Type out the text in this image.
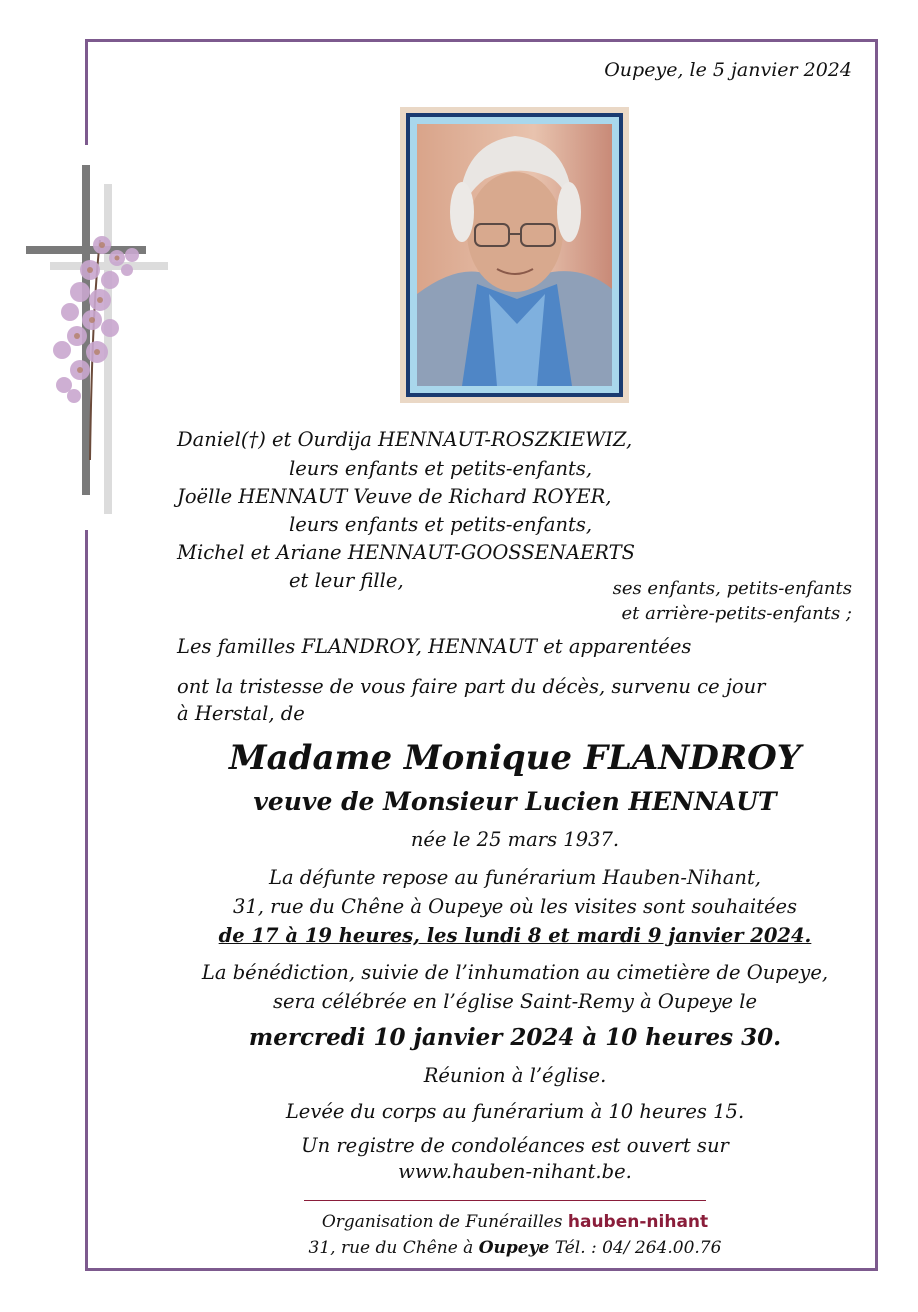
Oupeye, le 5 janvier 2024
Daniel(†) et Ourdija HENNAUT-ROSZKIEWIZ,
leurs enfants et petits-enfants,
Joëlle HENNAUT Veuve de Richard ROYER,
leurs enfants et petits-enfants,
Michel et Ariane HENNAUT-GOOSSENAERTS
et leur fille,	ses enfants, petits-enfants
et arrière-petits-enfants ;
Les familles FLANDROY, HENNAUT et apparentées
ont la tristesse de vous faire part du décès, survenu ce jour
à Herstal, de
Madame Monique FLANDROY
veuve de Monsieur Lucien HENNAUT
née le 25 mars 1937.
La défunte repose au funérarium Hauben-Nihant,
31, rue du Chêne à Oupeye où les visites sont souhaitées
de 17 à 19 heures, les lundi 8 et mardi 9 janvier 2024.
La bénédiction, suivie de l’inhumation au cimetière de Oupeye,
sera célébrée en l’église Saint-Remy à Oupeye le
mercredi 10 janvier 2024 à 10 heures 30.
Réunion à l’église.
Levée du corps au funérarium à 10 heures 15.
Un registre de condoléances est ouvert sur
www.hauben-nihant.be.
Organisation de Funérailles hauben-nihant
31, rue du Chêne à Oupeye Tél. : 04/ 264.00.76
